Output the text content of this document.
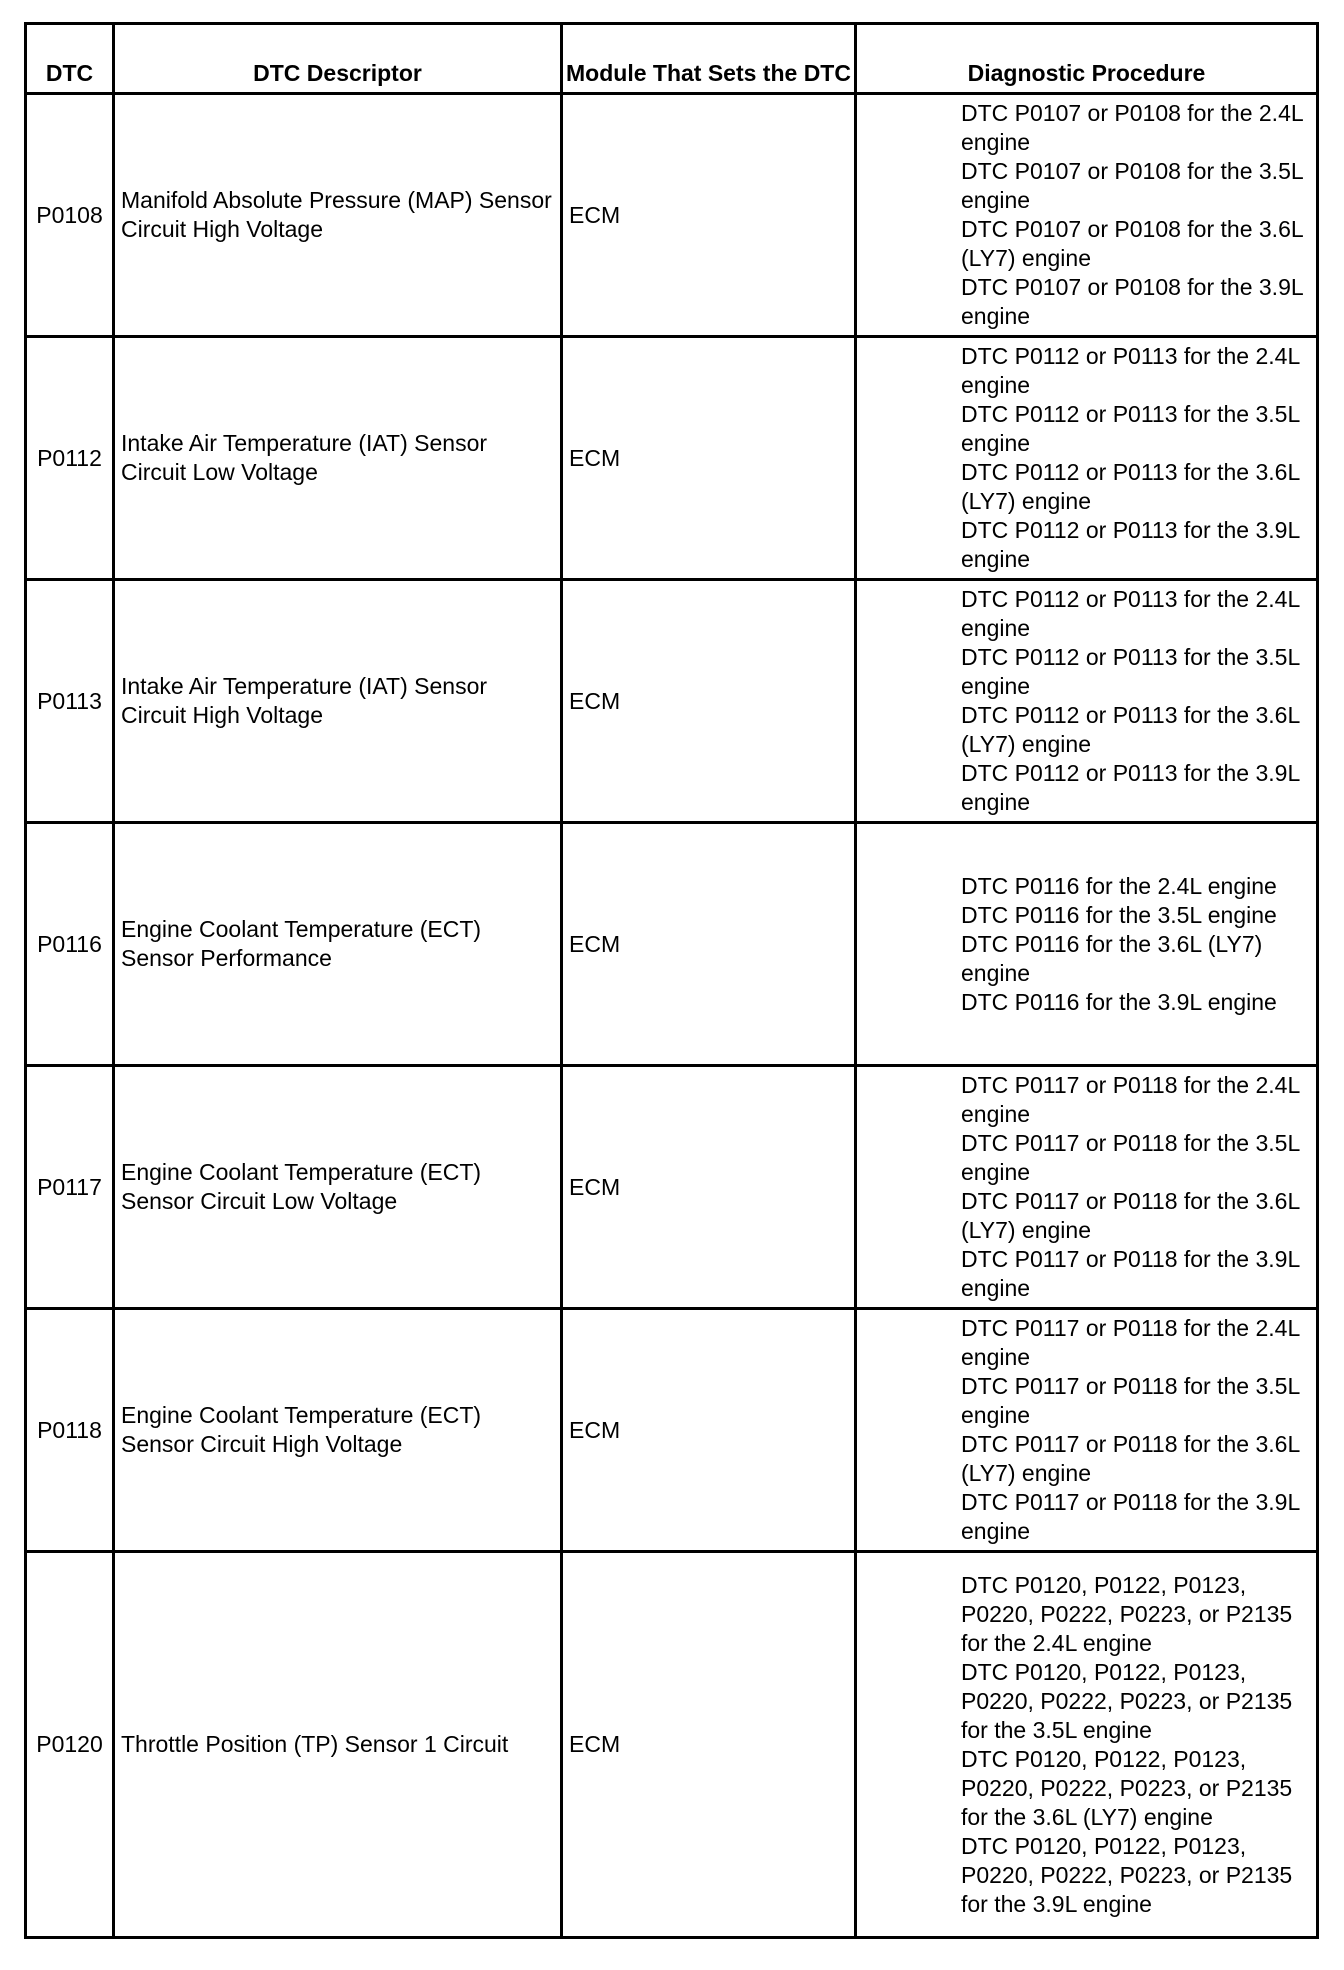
DTC	DTC Descriptor	Module That Sets the DTC	Diagnostic Procedure
P0108	Manifold Absolute Pressure (MAP) Sensor Circuit High Voltage	ECM	DTC P0107 or P0108 for the 2.4L engine
DTC P0107 or P0108 for the 3.5L engine
DTC P0107 or P0108 for the 3.6L (LY7) engine
DTC P0107 or P0108 for the 3.9L engine

P0112	Intake Air Temperature (IAT) Sensor Circuit Low Voltage	ECM	DTC P0112 or P0113 for the 2.4L engine
DTC P0112 or P0113 for the 3.5L engine
DTC P0112 or P0113 for the 3.6L (LY7) engine
DTC P0112 or P0113 for the 3.9L engine

P0113	Intake Air Temperature (IAT) Sensor Circuit High Voltage	ECM	DTC P0112 or P0113 for the 2.4L engine
DTC P0112 or P0113 for the 3.5L engine
DTC P0112 or P0113 for the 3.6L (LY7) engine
DTC P0112 or P0113 for the 3.9L engine

P0116	Engine Coolant Temperature (ECT) Sensor Performance	ECM	DTC P0116 for the 2.4L engine
DTC P0116 for the 3.5L engine
DTC P0116 for the 3.6L (LY7) engine
DTC P0116 for the 3.9L engine

P0117	Engine Coolant Temperature (ECT) Sensor Circuit Low Voltage	ECM	DTC P0117 or P0118 for the 2.4L engine
DTC P0117 or P0118 for the 3.5L engine
DTC P0117 or P0118 for the 3.6L (LY7) engine
DTC P0117 or P0118 for the 3.9L engine

P0118	Engine Coolant Temperature (ECT) Sensor Circuit High Voltage	ECM	DTC P0117 or P0118 for the 2.4L engine
DTC P0117 or P0118 for the 3.5L engine
DTC P0117 or P0118 for the 3.6L (LY7) engine
DTC P0117 or P0118 for the 3.9L engine

P0120	Throttle Position (TP) Sensor 1 Circuit	ECM	DTC P0120, P0122, P0123, P0220, P0222, P0223, or P2135 for the 2.4L engine
DTC P0120, P0122, P0123, P0220, P0222, P0223, or P2135 for the 3.5L engine
DTC P0120, P0122, P0123, P0220, P0222, P0223, or P2135 for the 3.6L (LY7) engine
DTC P0120, P0122, P0123, P0220, P0222, P0223, or P2135 for the 3.9L engine
